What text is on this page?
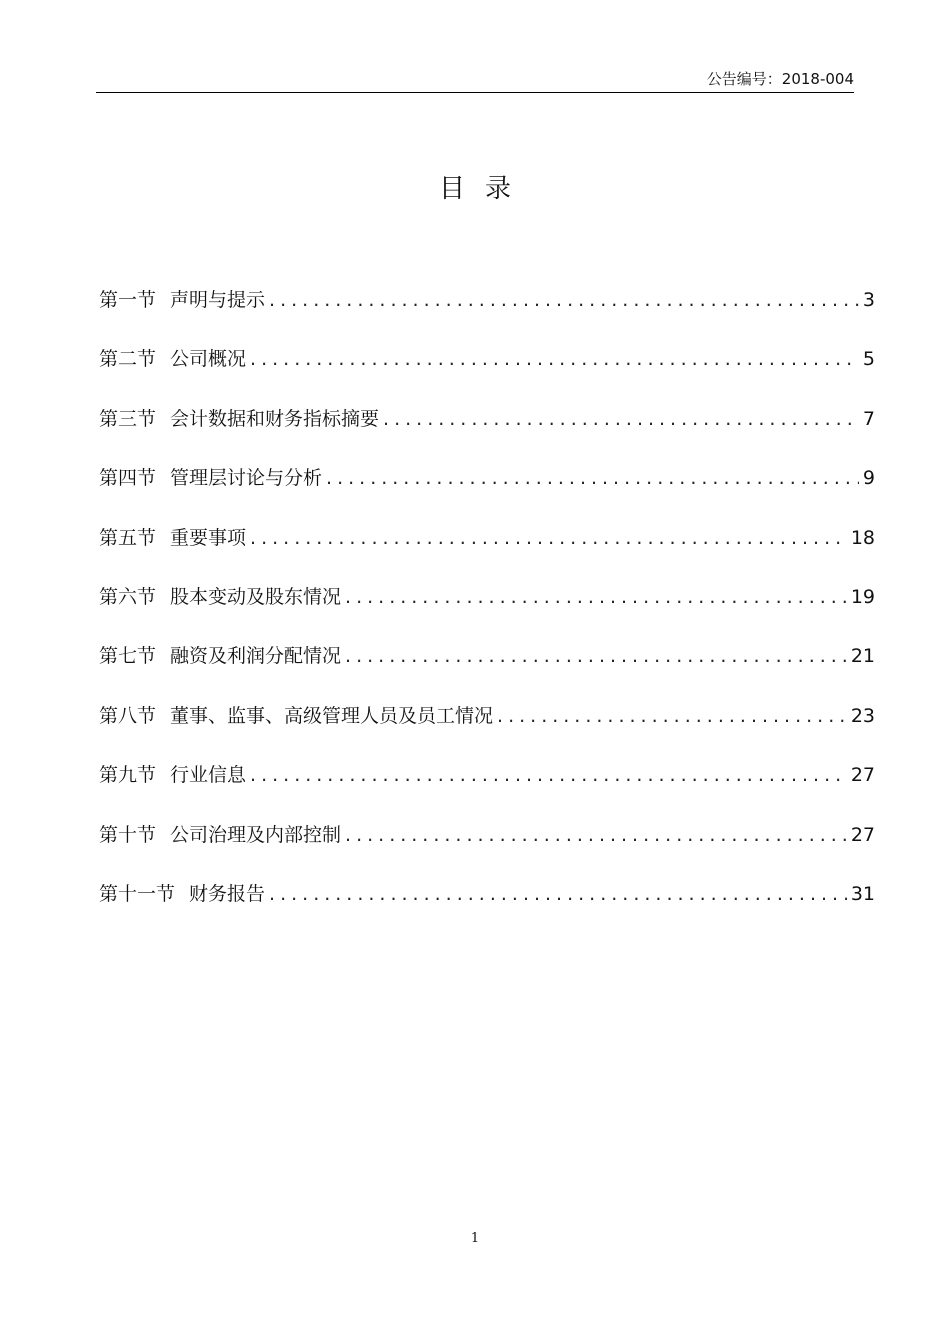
公告编号：2018-004
目录
第一节 声明与提示 .....	3
第二节 公司概况 .....	5
第三节 会计数据和财务指标摘要 .....	7
第四节 管理层讨论与分析 .....	9
第五节 重要事项 .....	18
第六节 股本变动及股东情况 .....	19
第七节 融资及利润分配情况 .....	21
第八节 董事、监事、高级管理人员及员工情况 .....	23
第九节 行业信息 .....	27
第十节 公司治理及内部控制 .....	27
第十一节 财务报告 .....	31
1
